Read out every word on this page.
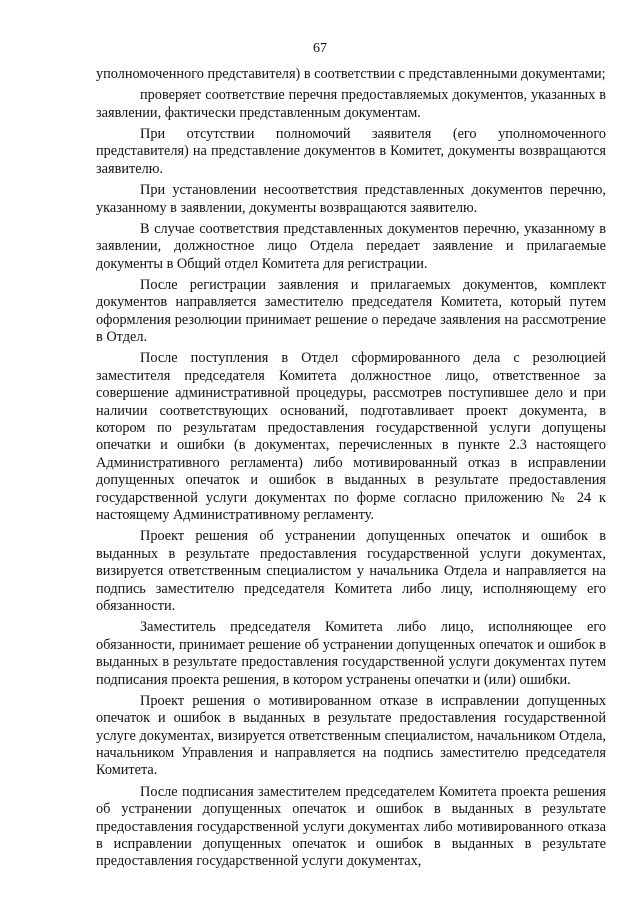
67

уполномоченного представителя) в соответствии с представленными документами;

проверяет соответствие перечня предоставляемых документов, указанных в заявлении, фактически представленным документам.

При отсутствии полномочий заявителя (его уполномоченного представителя) на представление документов в Комитет, документы возвращаются заявителю.

При установлении несоответствия представленных документов перечню, указанному в заявлении, документы возвращаются заявителю.

В случае соответствия представленных документов перечню, указанному в заявлении, должностное лицо Отдела передает заявление и прилагаемые документы в Общий отдел Комитета для регистрации.

После регистрации заявления и прилагаемых документов, комплект документов направляется заместителю председателя Комитета, который путем оформления резолюции принимает решение о передаче заявления на рассмотрение в Отдел.

После поступления в Отдел сформированного дела с резолюцией заместителя председателя Комитета должностное лицо, ответственное за совершение административной процедуры, рассмотрев поступившее дело и при наличии соответствующих оснований, подготавливает проект документа, в котором по результатам предоставления государственной услуги допущены опечатки и ошибки (в документах, перечисленных в пункте 2.3 настоящего Административного регламента) либо мотивированный отказ в исправлении допущенных опечаток и ошибок в выданных в результате предоставления государственной услуги документах по форме согласно приложению № 24 к настоящему Административному регламенту.

Проект решения об устранении допущенных опечаток и ошибок в выданных в результате предоставления государственной услуги документах, визируется ответственным специалистом у начальника Отдела и направляется на подпись заместителю председателя Комитета либо лицу, исполняющему его обязанности.

Заместитель председателя Комитета либо лицо, исполняющее его обязанности, принимает решение об устранении допущенных опечаток и ошибок в выданных в результате предоставления государственной услуги документах путем подписания проекта решения, в котором устранены опечатки и (или) ошибки.

Проект решения о мотивированном отказе в исправлении допущенных опечаток и ошибок в выданных в результате предоставления государственной услуге документах, визируется ответственным специалистом, начальником Отдела, начальником Управления и направляется на подпись заместителю председателя Комитета.

После подписания заместителем председателем Комитета проекта решения об устранении допущенных опечаток и ошибок в выданных в результате предоставления государственной услуги документах либо мотивированного отказа в исправлении допущенных опечаток и ошибок в выданных в результате предоставления государственной услуги документах,
